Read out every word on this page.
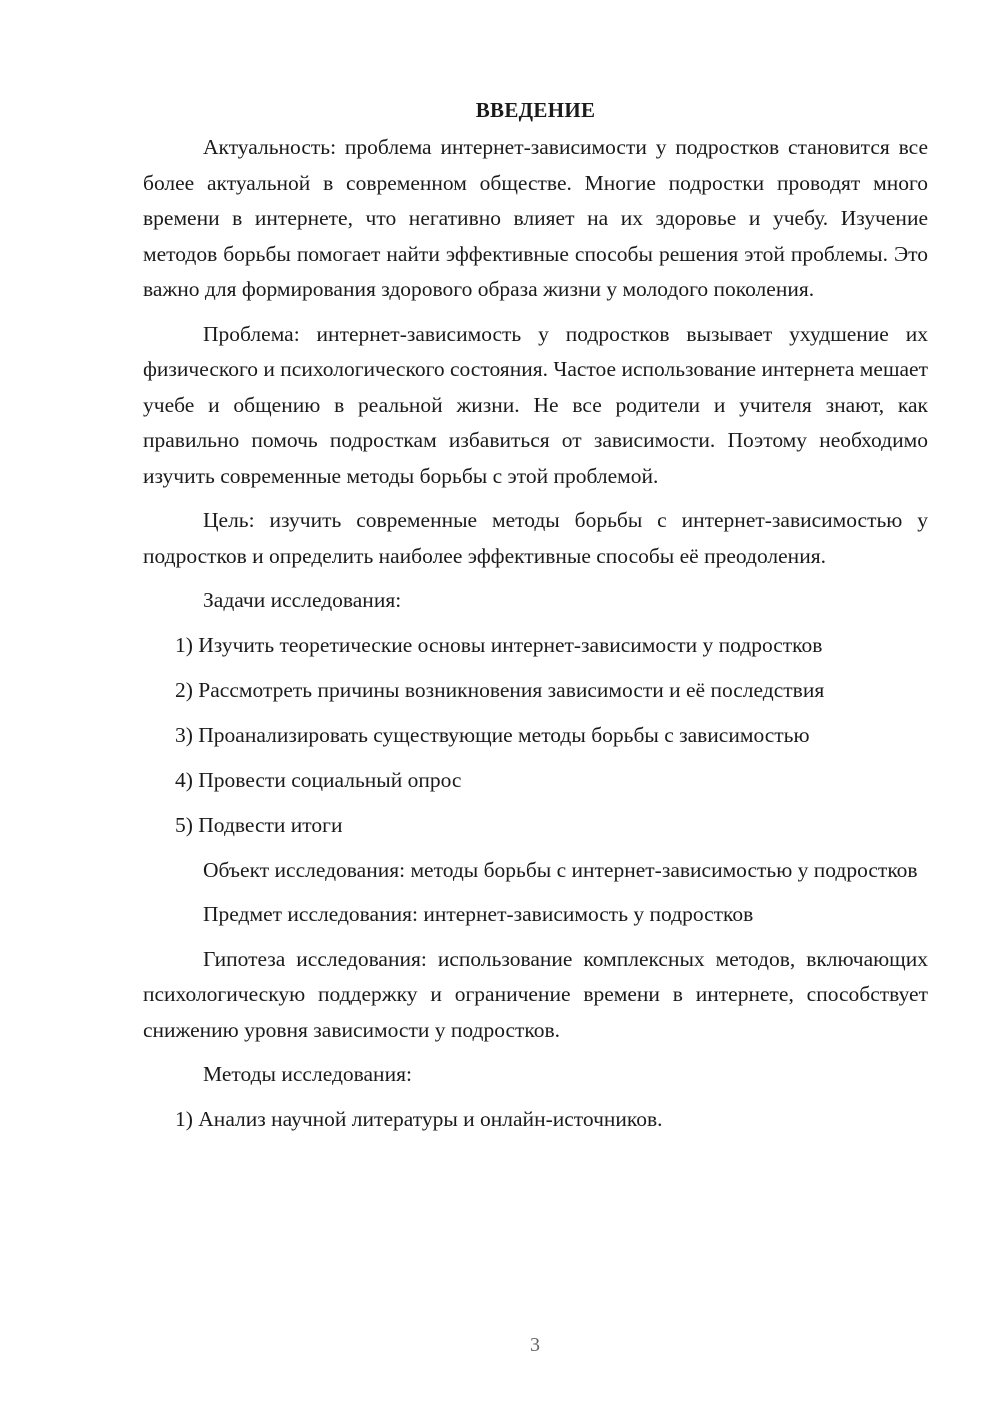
ВВЕДЕНИЕ

Актуальность: проблема интернет-зависимости у подростков становится все более актуальной в современном обществе. Многие подростки проводят много времени в интернете, что негативно влияет на их здоровье и учебу. Изучение методов борьбы помогает найти эффективные способы решения этой проблемы. Это важно для формирования здорового образа жизни у молодого поколения.

Проблема: интернет-зависимость у подростков вызывает ухудшение их физического и психологического состояния. Частое использование интернета мешает учебе и общению в реальной жизни. Не все родители и учителя знают, как правильно помочь подросткам избавиться от зависимости. Поэтому необходимо изучить современные методы борьбы с этой проблемой.

Цель: изучить современные методы борьбы с интернет-зависимостью у подростков и определить наиболее эффективные способы её преодоления.

Задачи исследования:

1) Изучить теоретические основы интернет-зависимости у подростков
2) Рассмотреть причины возникновения зависимости и её последствия
3) Проанализировать существующие методы борьбы с зависимостью
4) Провести социальный опрос
5) Подвести итоги

Объект исследования: методы борьбы с интернет-зависимостью у подростков

Предмет исследования: интернет-зависимость у подростков

Гипотеза исследования: использование комплексных методов, включающих психологическую поддержку и ограничение времени в интернете, способствует снижению уровня зависимости у подростков.

Методы исследования:

1) Анализ научной литературы и онлайн-источников.
3
